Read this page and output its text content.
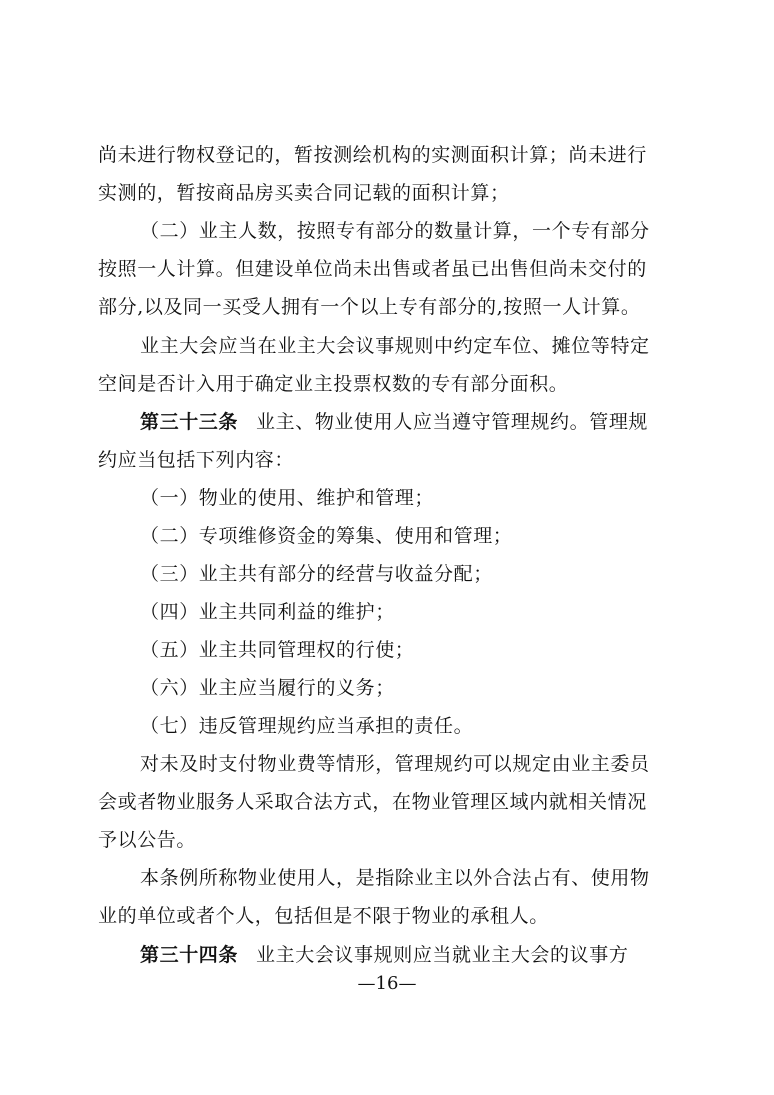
尚未进行物权登记的，暂按测绘机构的实测面积计算；尚未进行
实测的，暂按商品房买卖合同记载的面积计算；
（二）业主人数，按照专有部分的数量计算，一个专有部分
按照一人计算。但建设单位尚未出售或者虽已出售但尚未交付的
部分,以及同一买受人拥有一个以上专有部分的,按照一人计算。
业主大会应当在业主大会议事规则中约定车位、摊位等特定
空间是否计入用于确定业主投票权数的专有部分面积。
第三十三条 业主、物业使用人应当遵守管理规约。管理规
约应当包括下列内容：
（一）物业的使用、维护和管理；
（二）专项维修资金的筹集、使用和管理；
（三）业主共有部分的经营与收益分配；
（四）业主共同利益的维护；
（五）业主共同管理权的行使；
（六）业主应当履行的义务；
（七）违反管理规约应当承担的责任。
对未及时支付物业费等情形，管理规约可以规定由业主委员
会或者物业服务人采取合法方式，在物业管理区域内就相关情况
予以公告。
本条例所称物业使用人，是指除业主以外合法占有、使用物
业的单位或者个人，包括但是不限于物业的承租人。
第三十四条 业主大会议事规则应当就业主大会的议事方
—16—
